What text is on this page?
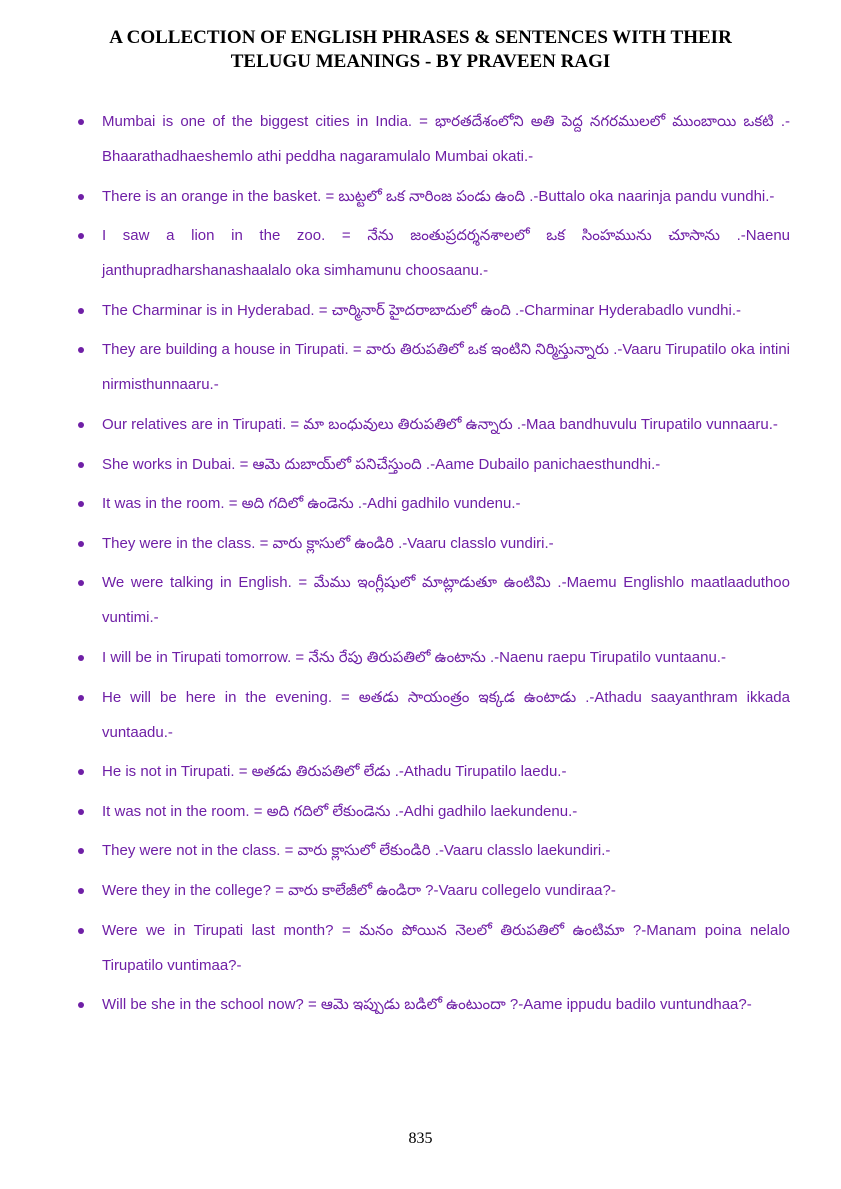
A COLLECTION OF ENGLISH PHRASES & SENTENCES WITH THEIR
TELUGU MEANINGS - BY PRAVEEN RAGI
Mumbai is one of the biggest cities in India. = భారతదేశంలోని అతి పెద్ద నగరములలో ముంబాయి ఒకటి .-Bhaarathadhaeshemlo athi peddha nagaramulalo Mumbai okati.-
There is an orange in the basket. = బుట్టలో ఒక నారింజ పండు ఉంది .-Buttalo oka naarinja pandu vundhi.-
I saw a lion in the zoo. = నేను జంతుప్రదర్శనశాలలో ఒక సింహమును చూసాను .-Naenu janthupradharshanashaalalo oka simhamunu choosaanu.-
The Charminar is in Hyderabad. = చార్మినార్ హైదరాబాదులో ఉంది .-Charminar Hyderabadlo vundhi.-
They are building a house in Tirupati. = వారు తిరుపతిలో ఒక ఇంటిని నిర్మిస్తున్నారు .-Vaaru Tirupatilo oka intini nirmisthunnaaru.-
Our relatives are in Tirupati. = మా బంధువులు తిరుపతిలో ఉన్నారు .-Maa bandhuvulu Tirupatilo vunnaaru.-
She works in Dubai. = ఆమె దుబాయ్‌లో పనిచేస్తుంది .-Aame Dubailo panichaesthundhi.-
It was in the room. = అది గదిలో ఉండెను .-Adhi gadhilo vundenu.-
They were in the class. = వారు క్లాసులో ఉండిరి .-Vaaru classlo vundiri.-
We were talking in English. = మేము ఇంగ్లీషులో మాట్లాడుతూ ఉంటిమి .-Maemu Englishlo maatlaaduthoo vuntimi.-
I will be in Tirupati tomorrow. = నేను రేపు తిరుపతిలో ఉంటాను .-Naenu raepu Tirupatilo vuntaanu.-
He will be here in the evening. = అతడు సాయంత్రం ఇక్కడ ఉంటాడు .-Athadu saayanthram ikkada vuntaadu.-
He is not in Tirupati. = అతడు తిరుపతిలో లేడు .-Athadu Tirupatilo laedu.-
It was not in the room. = అది గదిలో లేకుండెను .-Adhi gadhilo laekundenu.-
They were not in the class. = వారు క్లాసులో లేకుండిరి .-Vaaru classlo laekundiri.-
Were they in the college? = వారు కాలేజీలో ఉండిరా ?-Vaaru collegelo vundiraa?-
Were we in Tirupati last month? = మనం పోయిన నెలలో తిరుపతిలో ఉంటిమా ?-Manam poina nelalo Tirupatilo vuntimaa?-
Will be she in the school now? = ఆమె ఇప్పుడు బడిలో ఉంటుందా ?-Aame ippudu badilo vuntundhaa?-
835
